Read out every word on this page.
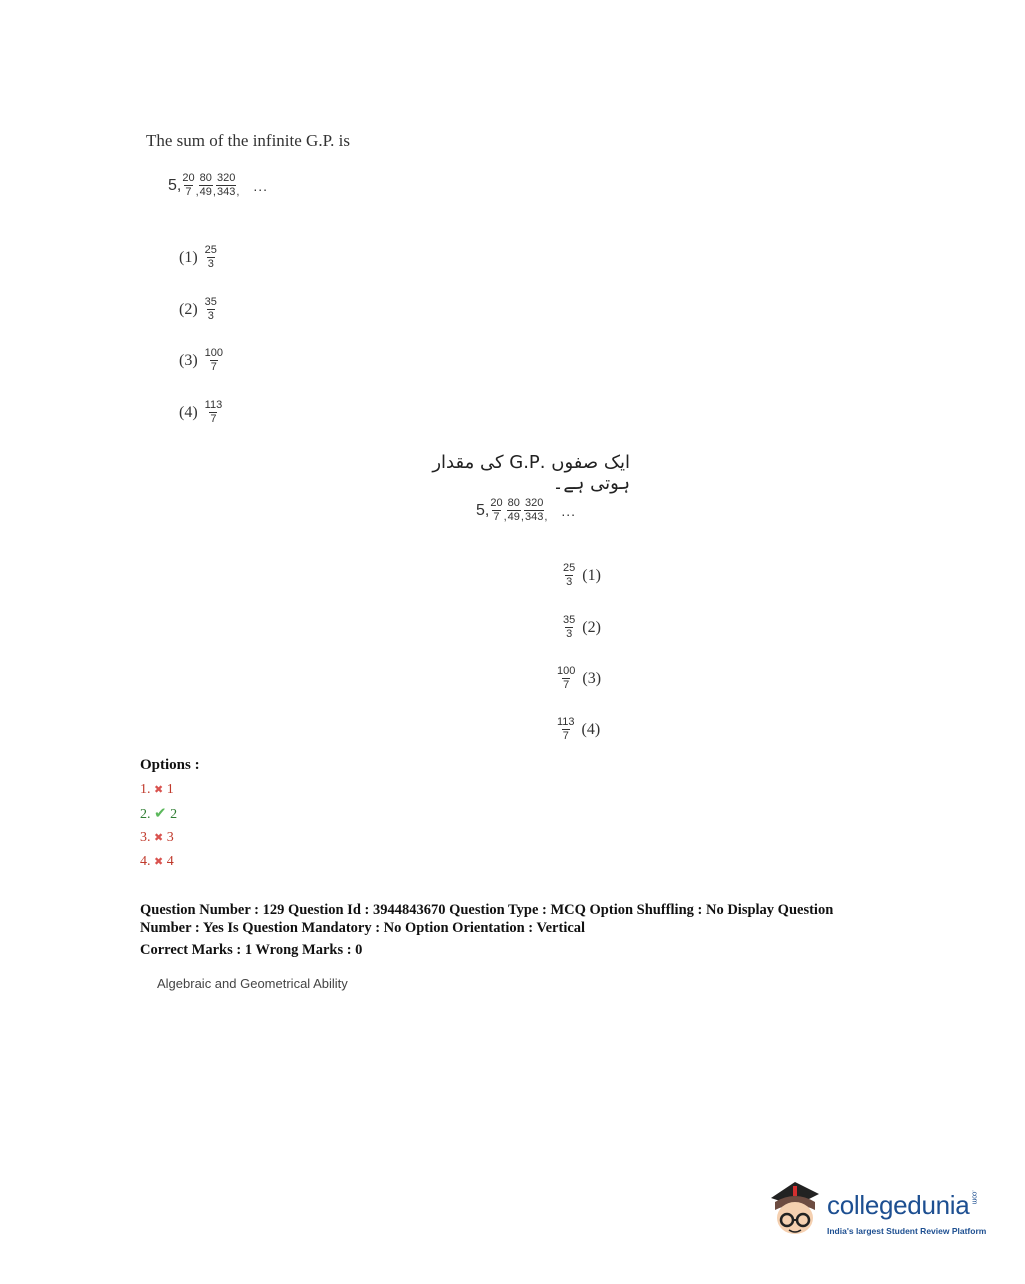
The sum of the infinite G.P. is
5, $\frac{20}{7}$ , $\frac{80}{49}$ , $\frac{320}{343}$ , ...
$(1) \frac{25}{3}$
$(2) \frac{35}{3}$
$(3) \frac{100}{7}$
$(4) \frac{113}{7}$
ایک صفوں .G.P کی مقدار ہوتی ہے۔
5, $\frac{20}{7}$ , $\frac{80}{49}$ , $\frac{320}{343}$ , ...
$\frac{25}{3} (1)$
$\frac{35}{3} (2)$
$\frac{100}{7} (3)$
$\frac{113}{7} (4)$
Options :
1. ✖ 1
2. ✔ 2
3. ✖ 3
4. ✖ 4
Question Number : 129 Question Id : 3944843670 Question Type : MCQ Option Shuffling : No Display Question
Number : Yes Is Question Mandatory : No Option Orientation : Vertical
Correct Marks : 1 Wrong Marks : 0
Algebraic and Geometrical Ability
collegedunia.com
India's largest Student Review Platform
